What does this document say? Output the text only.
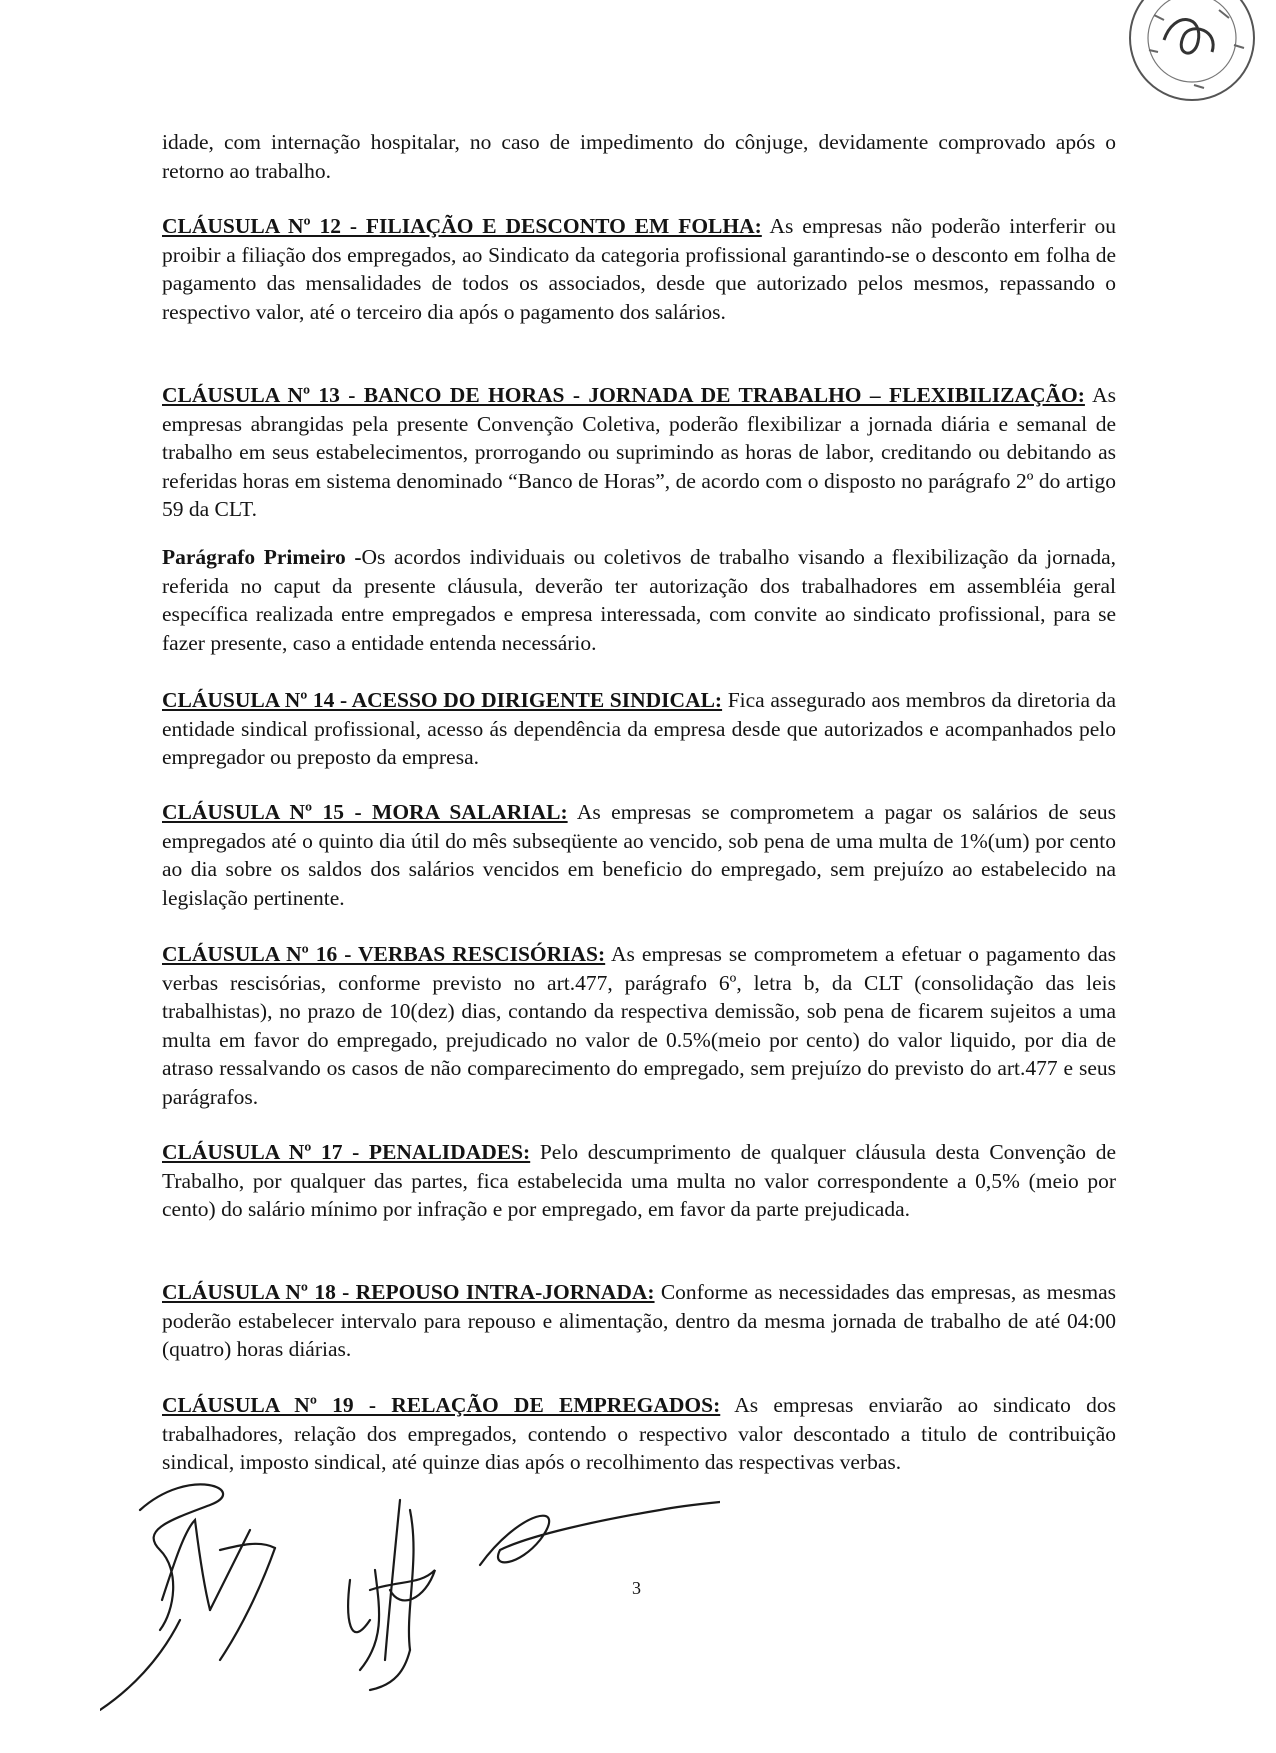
idade, com internação hospitalar, no caso de impedimento do cônjuge, devidamente comprovado após o retorno ao trabalho.

CLÁUSULA Nº 12 - FILIAÇÃO E DESCONTO EM FOLHA: As empresas não poderão interferir ou proibir a filiação dos empregados, ao Sindicato da categoria profissional garantindo-se o desconto em folha de pagamento das mensalidades de todos os associados, desde que autorizado pelos mesmos, repassando o respectivo valor, até o terceiro dia após o pagamento dos salários.

CLÁUSULA Nº 13 - BANCO DE HORAS - JORNADA DE TRABALHO – FLEXIBILIZAÇÃO: As empresas abrangidas pela presente Convenção Coletiva, poderão flexibilizar a jornada diária e semanal de trabalho em seus estabelecimentos, prorrogando ou suprimindo as horas de labor, creditando ou debitando as referidas horas em sistema denominado “Banco de Horas”, de acordo com o disposto no parágrafo 2º do artigo 59 da CLT.

Parágrafo Primeiro -Os acordos individuais ou coletivos de trabalho visando a flexibilização da jornada, referida no caput da presente cláusula, deverão ter autorização dos trabalhadores em assembléia geral específica realizada entre empregados e empresa interessada, com convite ao sindicato profissional, para se fazer presente, caso a entidade entenda necessário.

CLÁUSULA Nº 14 - ACESSO DO DIRIGENTE SINDICAL: Fica assegurado aos membros da diretoria da entidade sindical profissional, acesso ás dependência da empresa desde que autorizados e acompanhados pelo empregador ou preposto da empresa.

CLÁUSULA Nº 15 - MORA SALARIAL: As empresas se comprometem a pagar os salários de seus empregados até o quinto dia útil do mês subseqüente ao vencido, sob pena de uma multa de 1%(um) por cento ao dia sobre os saldos dos salários vencidos em beneficio do empregado, sem prejuízo ao estabelecido na legislação pertinente.

CLÁUSULA Nº 16 - VERBAS RESCISÓRIAS: As empresas se comprometem a efetuar o pagamento das verbas rescisórias, conforme previsto no art.477, parágrafo 6º, letra b, da CLT (consolidação das leis trabalhistas), no prazo de 10(dez) dias, contando da respectiva demissão, sob pena de ficarem sujeitos a uma multa em favor do empregado, prejudicado no valor de 0.5%(meio por cento) do valor liquido, por dia de atraso ressalvando os casos de não comparecimento do empregado, sem prejuízo do previsto do art.477 e seus parágrafos.

CLÁUSULA Nº 17 - PENALIDADES: Pelo descumprimento de qualquer cláusula desta Convenção de Trabalho, por qualquer das partes, fica estabelecida uma multa no valor correspondente a 0,5% (meio por cento) do salário mínimo por infração e por empregado, em favor da parte prejudicada.

CLÁUSULA Nº 18 - REPOUSO INTRA-JORNADA: Conforme as necessidades das empresas, as mesmas poderão estabelecer intervalo para repouso e alimentação, dentro da mesma jornada de trabalho de até 04:00 (quatro) horas diárias.

CLÁUSULA Nº 19 - RELAÇÃO DE EMPREGADOS: As empresas enviarão ao sindicato dos trabalhadores, relação dos empregados, contendo o respectivo valor descontado a titulo de contribuição sindical, imposto sindical, até quinze dias após o recolhimento das respectivas verbas.

3
